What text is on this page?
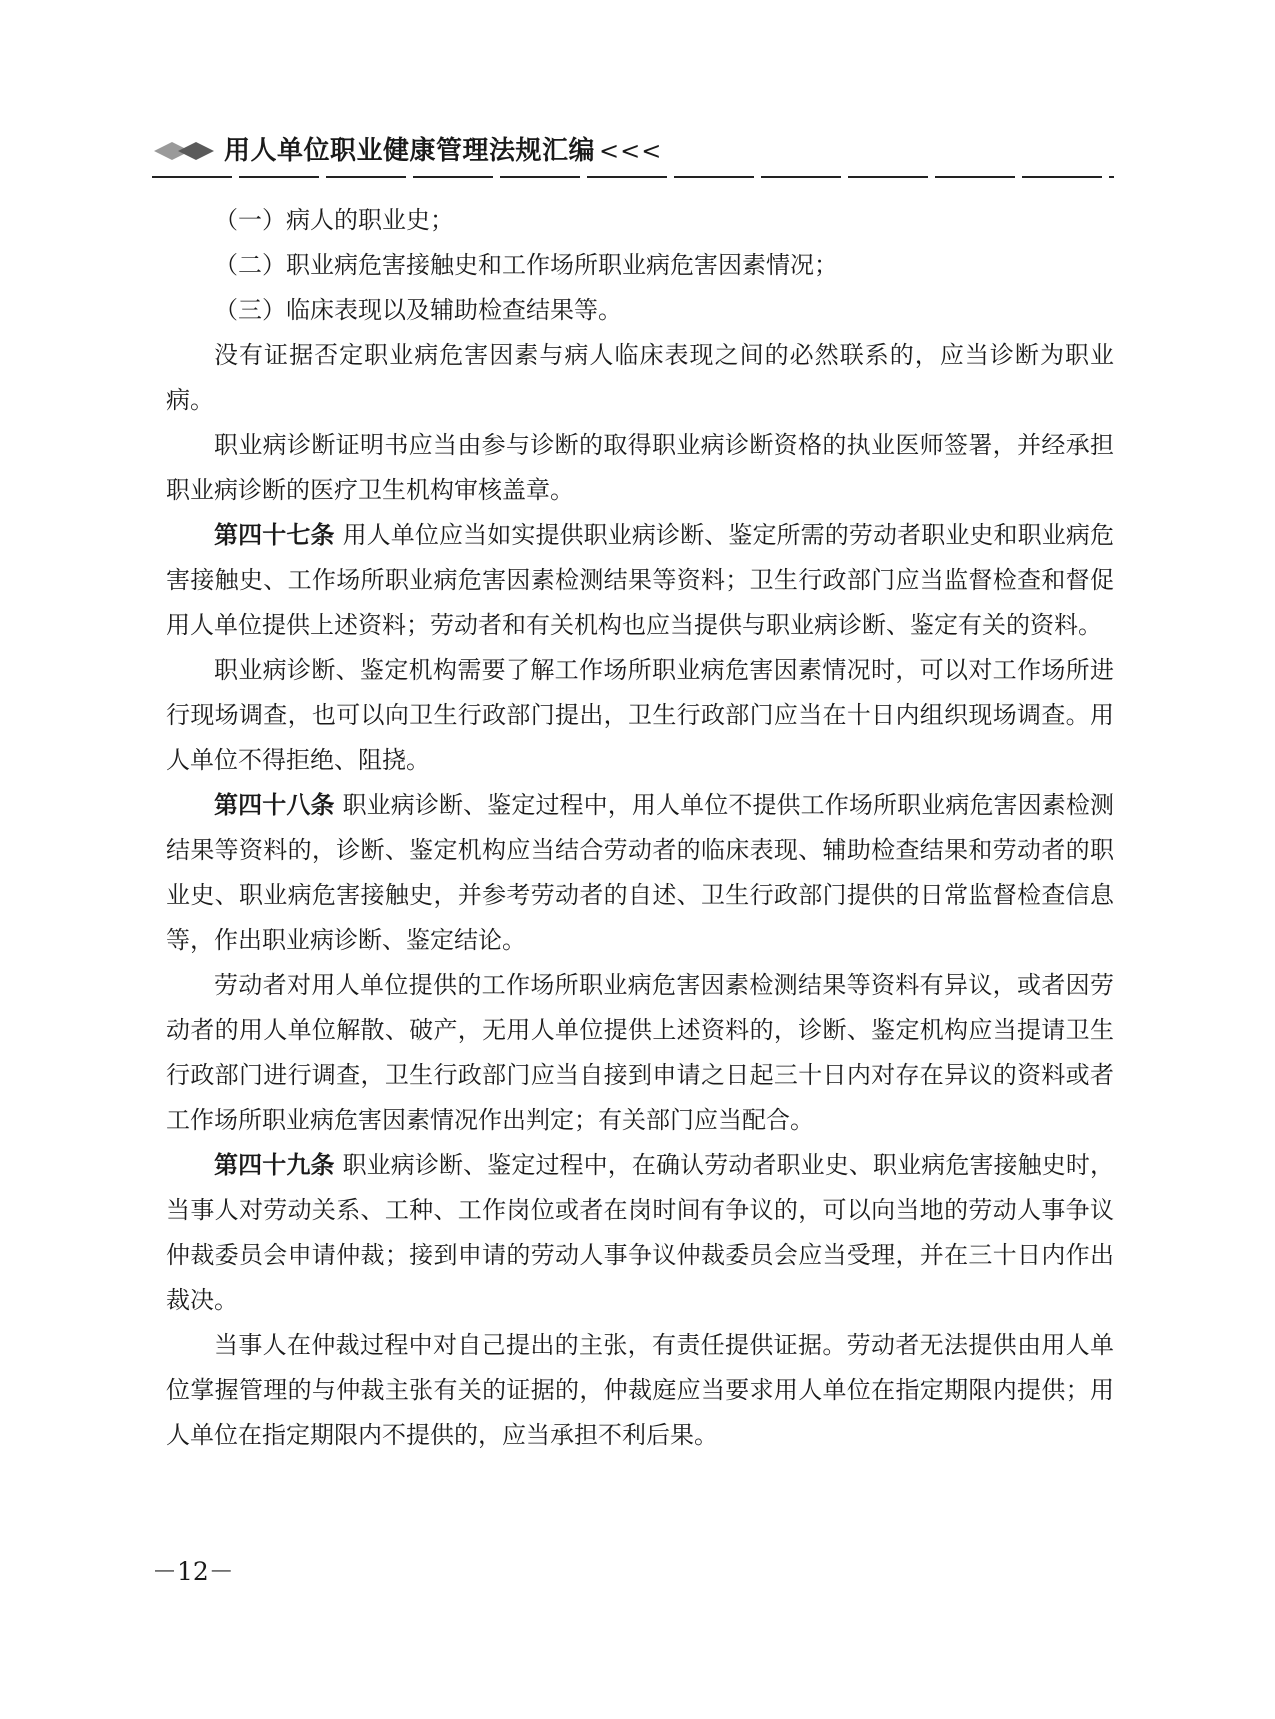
用人单位职业健康管理法规汇编 <<<

（一）病人的职业史；

（二）职业病危害接触史和工作场所职业病危害因素情况；

（三）临床表现以及辅助检查结果等。

没有证据否定职业病危害因素与病人临床表现之间的必然联系的，应当诊断为职业病。

职业病诊断证明书应当由参与诊断的取得职业病诊断资格的执业医师签署，并经承担职业病诊断的医疗卫生机构审核盖章。

第四十七条 用人单位应当如实提供职业病诊断、鉴定所需的劳动者职业史和职业病危害接触史、工作场所职业病危害因素检测结果等资料；卫生行政部门应当监督检查和督促用人单位提供上述资料；劳动者和有关机构也应当提供与职业病诊断、鉴定有关的资料。

职业病诊断、鉴定机构需要了解工作场所职业病危害因素情况时，可以对工作场所进行现场调查，也可以向卫生行政部门提出，卫生行政部门应当在十日内组织现场调查。用人单位不得拒绝、阻挠。

第四十八条 职业病诊断、鉴定过程中，用人单位不提供工作场所职业病危害因素检测结果等资料的，诊断、鉴定机构应当结合劳动者的临床表现、辅助检查结果和劳动者的职业史、职业病危害接触史，并参考劳动者的自述、卫生行政部门提供的日常监督检查信息等，作出职业病诊断、鉴定结论。

劳动者对用人单位提供的工作场所职业病危害因素检测结果等资料有异议，或者因劳动者的用人单位解散、破产，无用人单位提供上述资料的，诊断、鉴定机构应当提请卫生行政部门进行调查，卫生行政部门应当自接到申请之日起三十日内对存在异议的资料或者工作场所职业病危害因素情况作出判定；有关部门应当配合。

第四十九条 职业病诊断、鉴定过程中，在确认劳动者职业史、职业病危害接触史时，当事人对劳动关系、工种、工作岗位或者在岗时间有争议的，可以向当地的劳动人事争议仲裁委员会申请仲裁；接到申请的劳动人事争议仲裁委员会应当受理，并在三十日内作出裁决。

当事人在仲裁过程中对自己提出的主张，有责任提供证据。劳动者无法提供由用人单位掌握管理的与仲裁主张有关的证据的，仲裁庭应当要求用人单位在指定期限内提供；用人单位在指定期限内不提供的，应当承担不利后果。

－12－
